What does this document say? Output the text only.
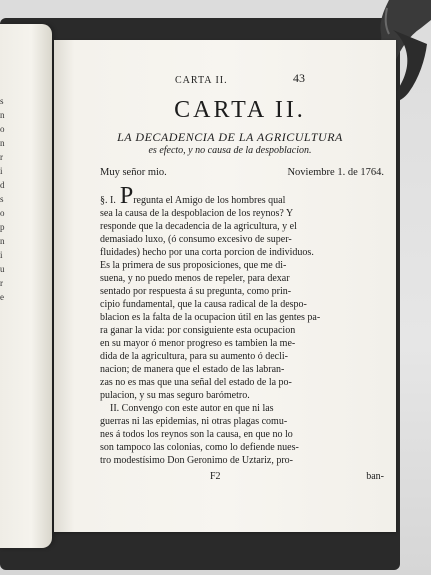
s
n
o
n
r
i
d
s
o
p
n
i
u
r
e
CARTA II.	43
CARTA II.
LA DECADENCIA DE LA AGRICULTURA
es efecto, y no causa de la despoblacion.
Muy señor mio.	Noviembre 1. de 1764.

§. I. Pregunta el Amigo de los hombres qual
sea la causa de la despoblacion de los reynos? Y
responde que la decadencia de la agricultura, y el
demasiado luxo, (ó consumo excesivo de super-
fluidades) hecho por una corta porcion de individuos.
Es la primera de sus proposiciones, que me di-
suena, y no puedo menos de repeler, para dexar
sentado por respuesta á su pregunta, como prin-
cipio fundamental, que la causa radical de la despo-
blacion es la falta de la ocupacion útil en las gentes pa-
ra ganar la vida: por consiguiente esta ocupacion
en su mayor ó menor progreso es tambien la me-
dida de la agricultura, para su aumento ó decli-
nacion; de manera que el estado de las labran-
zas no es mas que una señal del estado de la po-
pulacion, y su mas seguro barómetro.

II. Convengo con este autor en que ni las
guerras ni las epidemias, ni otras plagas comu-
nes á todos los reynos son la causa, en que no lo
son tampoco las colonias, como lo defiende nues-
tro modestísimo Don Geronimo de Uztariz, pro-

F2	ban-
